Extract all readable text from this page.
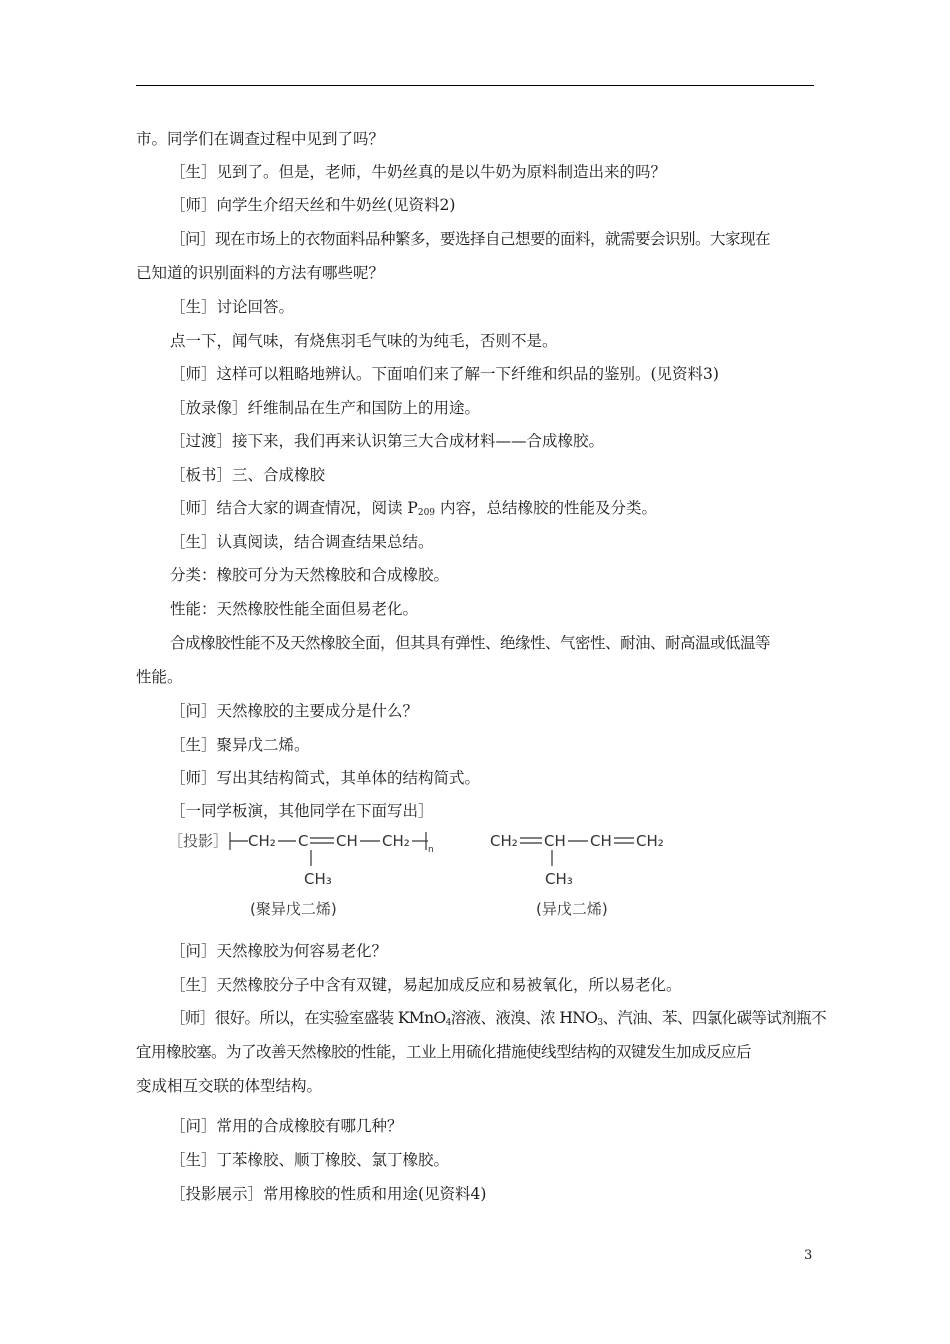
市。同学们在调查过程中见到了吗？
［生］见到了。但是，老师，牛奶丝真的是以牛奶为原料制造出来的吗？
［师］向学生介绍天丝和牛奶丝(见资料2)
［问］现在市场上的衣物面料品种繁多，要选择自己想要的面料，就需要会识别。大家现在
已知道的识别面料的方法有哪些呢？
［生］讨论回答。
点一下，闻气味，有烧焦羽毛气味的为纯毛，否则不是。
［师］这样可以粗略地辨认。下面咱们来了解一下纤维和织品的鉴别。(见资料3)
［放录像］纤维制品在生产和国防上的用途。
［过渡］接下来，我们再来认识第三大合成材料——合成橡胶。
［板书］三、合成橡胶
［师］结合大家的调查情况，阅读 $P_{209}$ 内容，总结橡胶的性能及分类。
［生］认真阅读，结合调查结果总结。
分类：橡胶可分为天然橡胶和合成橡胶。
性能：天然橡胶性能全面但易老化。
合成橡胶性能不及天然橡胶全面，但其具有弹性、绝缘性、气密性、耐油、耐高温或低温等
性能。
［问］天然橡胶的主要成分是什么？
［生］聚异戊二烯。
［师］写出其结构简式，其单体的结构简式。
［一同学板演，其他同学在下面写出］
［投影］ CH₂ C CH CH₂ n
CH₃
(聚异戊二烯)
CH₂ CH CH CH₂
CH₃
(异戊二烯)
［问］天然橡胶为何容易老化？
［生］天然橡胶分子中含有双键，易起加成反应和易被氧化，所以易老化。
［师］很好。所以，在实验室盛装 KMnO$_4$溶液、液溴、浓 $HNO_3$、汽油、苯、四氯化碳等试剂瓶不
宜用橡胶塞。为了改善天然橡胶的性能，工业上用硫化措施使线型结构的双键发生加成反应后
变成相互交联的体型结构。
［问］常用的合成橡胶有哪几种？
［生］丁苯橡胶、顺丁橡胶、氯丁橡胶。
［投影展示］常用橡胶的性质和用途(见资料4)
3
